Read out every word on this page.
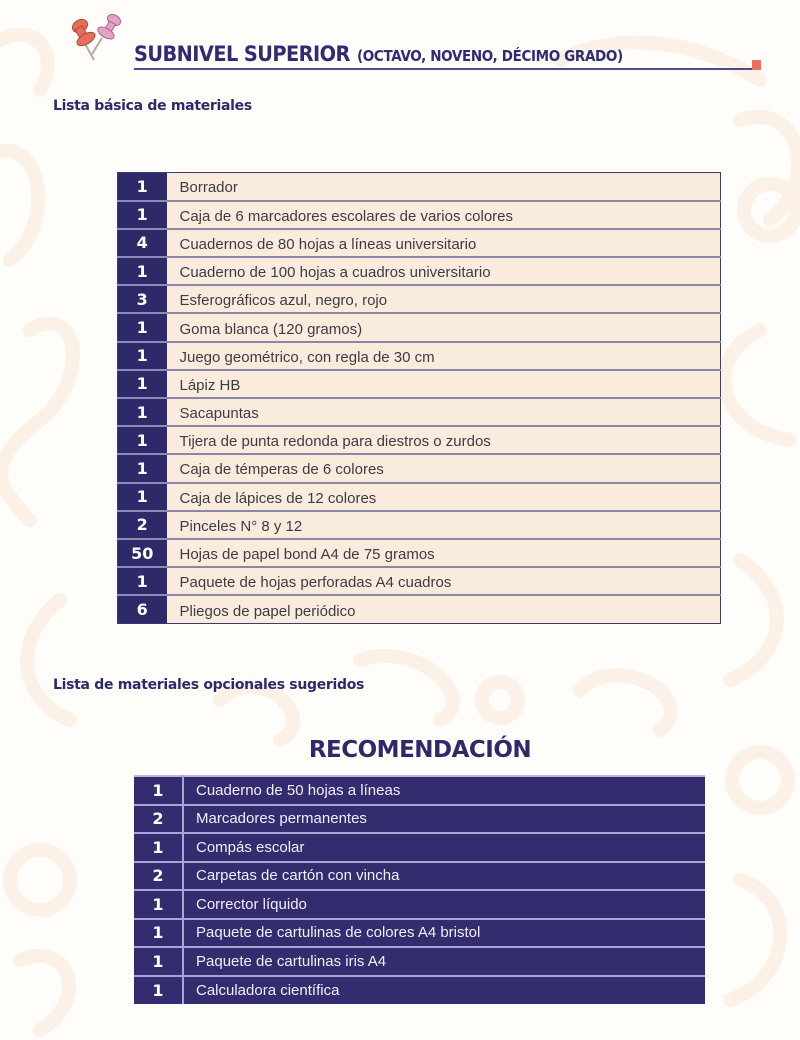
SUBNIVEL SUPERIOR (OCTAVO, NOVENO, DÉCIMO GRADO)
Lista básica de materiales
1	Borrador
1	Caja de 6 marcadores escolares de varios colores
4	Cuadernos de 80 hojas a líneas universitario
1	Cuaderno de 100 hojas a cuadros universitario
3	Esferográficos azul, negro, rojo
1	Goma blanca (120 gramos)
1	Juego geométrico, con regla de 30 cm
1	Lápiz HB
1	Sacapuntas
1	Tijera de punta redonda para diestros o zurdos
1	Caja de témperas de 6 colores
1	Caja de lápices de 12 colores
2	Pinceles N° 8 y 12
50	Hojas de papel bond A4 de 75 gramos
1	Paquete de hojas perforadas A4 cuadros
6	Pliegos de papel periódico
Lista de materiales opcionales sugeridos
RECOMENDACIÓN
1	Cuaderno de 50 hojas a líneas
2	Marcadores permanentes
1	Compás escolar
2	Carpetas de cartón con vincha
1	Corrector líquido
1	Paquete de cartulinas de colores A4 bristol
1	Paquete de cartulinas iris A4
1	Calculadora científica
